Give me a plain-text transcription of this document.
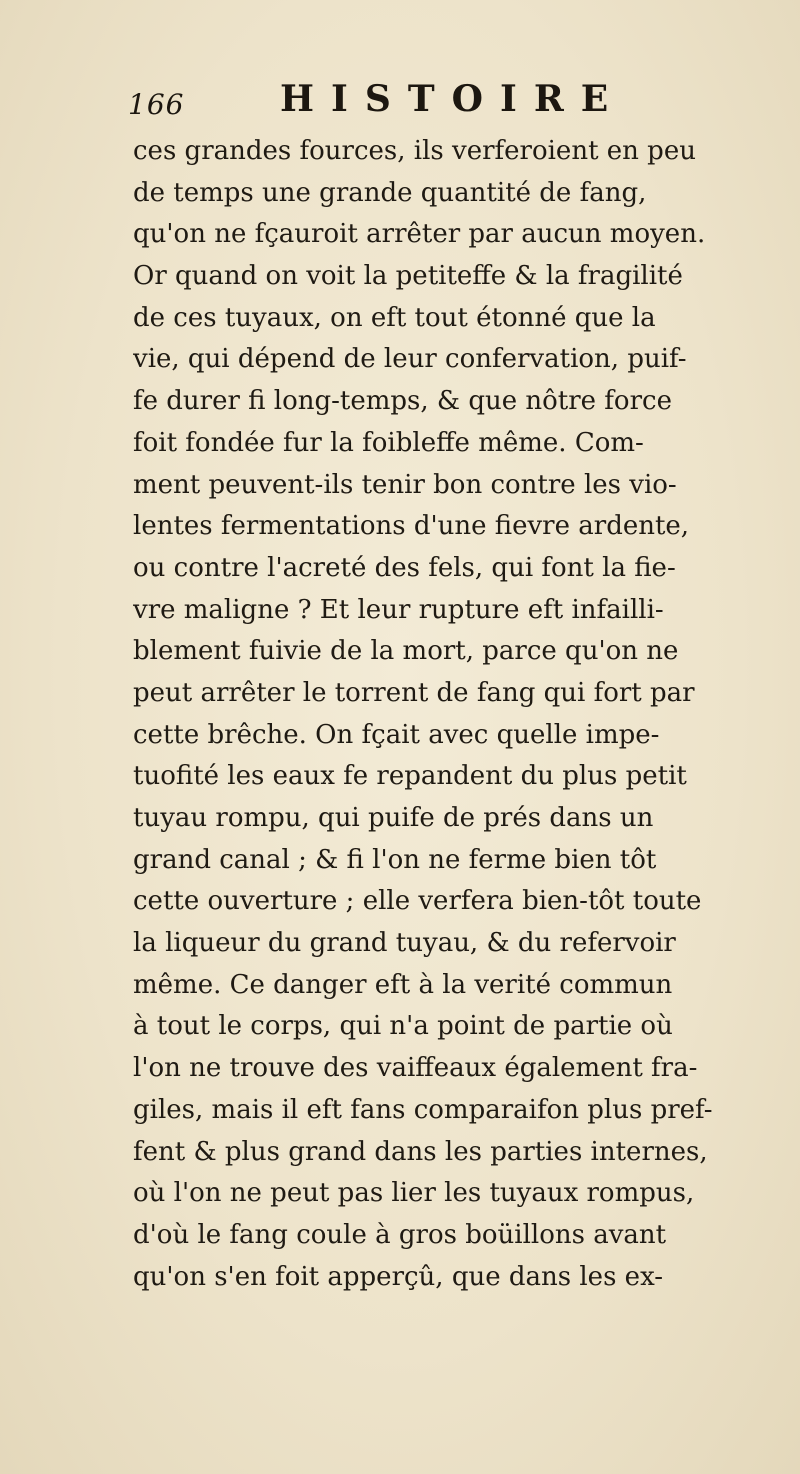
166	HISTOIRE
ces grandes fources, ils verferoient en peu
de temps une grande quantité de fang,
qu'on ne fçauroit arrêter par aucun moyen.
Or quand on voit la petiteffe & la fragilité
de ces tuyaux, on eft tout étonné que la
vie, qui dépend de leur confervation, puif-
fe durer fi long-temps, & que nôtre force
foit fondée fur la foibleffe même. Com-
ment peuvent-ils tenir bon contre les vio-
lentes fermentations d'une fievre ardente,
ou contre l'acreté des fels, qui font la fie-
vre maligne ? Et leur rupture eft infailli-
blement fuivie de la mort, parce qu'on ne
peut arrêter le torrent de fang qui fort par
cette brêche. On fçait avec quelle impe-
tuofité les eaux fe repandent du plus petit
tuyau rompu, qui puife de prés dans un
grand canal ; & fi l'on ne ferme bien tôt
cette ouverture ; elle verfera bien-tôt toute
la liqueur du grand tuyau, & du refervoir
même. Ce danger eft à la verité commun
à tout le corps, qui n'a point de partie où
l'on ne trouve des vaiffeaux également fra-
giles, mais il eft fans comparaifon plus pref-
fent & plus grand dans les parties internes,
où l'on ne peut pas lier les tuyaux rompus,
d'où le fang coule à gros boüillons avant
qu'on s'en foit apperçû, que dans les ex-
